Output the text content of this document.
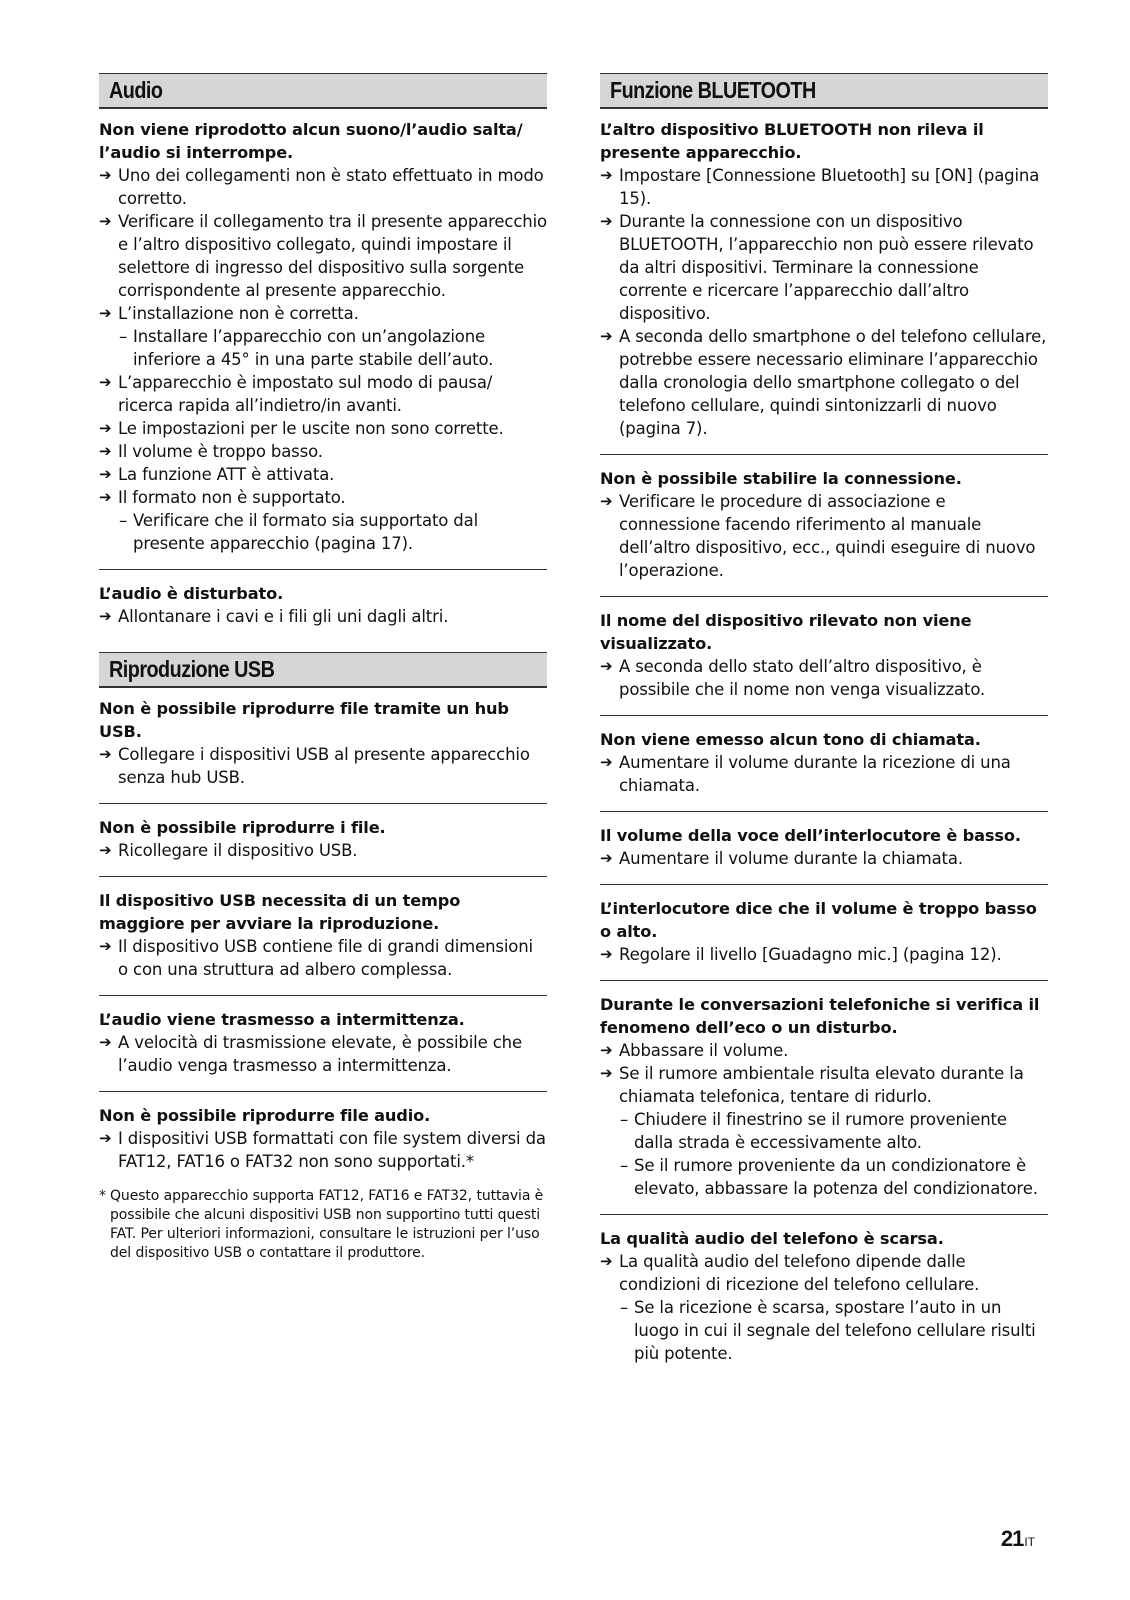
Audio
Non viene riprodotto alcun suono/l’audio salta/ l’audio si interrompe.
➔ Uno dei collegamenti non è stato effettuato in modo corretto.
➔ Verificare il collegamento tra il presente apparecchio e l’altro dispositivo collegato, quindi impostare il selettore di ingresso del dispositivo sulla sorgente corrispondente al presente apparecchio.
➔ L’installazione non è corretta.
– Installare l’apparecchio con un’angolazione inferiore a 45° in una parte stabile dell’auto.
➔ L’apparecchio è impostato sul modo di pausa/ ricerca rapida all’indietro/in avanti.
➔ Le impostazioni per le uscite non sono corrette.
➔ Il volume è troppo basso.
➔ La funzione ATT è attivata.
➔ Il formato non è supportato.
– Verificare che il formato sia supportato dal presente apparecchio (pagina 17).
L’audio è disturbato.
➔ Allontanare i cavi e i fili gli uni dagli altri.
Riproduzione USB
Non è possibile riprodurre file tramite un hub USB.
➔ Collegare i dispositivi USB al presente apparecchio senza hub USB.
Non è possibile riprodurre i file.
➔ Ricollegare il dispositivo USB.
Il dispositivo USB necessita di un tempo maggiore per avviare la riproduzione.
➔ Il dispositivo USB contiene file di grandi dimensioni o con una struttura ad albero complessa.
L’audio viene trasmesso a intermittenza.
➔ A velocità di trasmissione elevate, è possibile che l’audio venga trasmesso a intermittenza.
Non è possibile riprodurre file audio.
➔ I dispositivi USB formattati con file system diversi da FAT12, FAT16 o FAT32 non sono supportati.*
* Questo apparecchio supporta FAT12, FAT16 e FAT32, tuttavia è possibile che alcuni dispositivi USB non supportino tutti questi FAT. Per ulteriori informazioni, consultare le istruzioni per l’uso del dispositivo USB o contattare il produttore.
Funzione BLUETOOTH
L’altro dispositivo BLUETOOTH non rileva il presente apparecchio.
➔ Impostare [Connessione Bluetooth] su [ON] (pagina 15).
➔ Durante la connessione con un dispositivo BLUETOOTH, l’apparecchio non può essere rilevato da altri dispositivi. Terminare la connessione corrente e ricercare l’apparecchio dall’altro dispositivo.
➔ A seconda dello smartphone o del telefono cellulare, potrebbe essere necessario eliminare l’apparecchio dalla cronologia dello smartphone collegato o del telefono cellulare, quindi sintonizzarli di nuovo (pagina 7).
Non è possibile stabilire la connessione.
➔ Verificare le procedure di associazione e connessione facendo riferimento al manuale dell’altro dispositivo, ecc., quindi eseguire di nuovo l’operazione.
Il nome del dispositivo rilevato non viene visualizzato.
➔ A seconda dello stato dell’altro dispositivo, è possibile che il nome non venga visualizzato.
Non viene emesso alcun tono di chiamata.
➔ Aumentare il volume durante la ricezione di una chiamata.
Il volume della voce dell’interlocutore è basso.
➔ Aumentare il volume durante la chiamata.
L’interlocutore dice che il volume è troppo basso o alto.
➔ Regolare il livello [Guadagno mic.] (pagina 12).
Durante le conversazioni telefoniche si verifica il fenomeno dell’eco o un disturbo.
➔ Abbassare il volume.
➔ Se il rumore ambientale risulta elevato durante la chiamata telefonica, tentare di ridurlo.
– Chiudere il finestrino se il rumore proveniente dalla strada è eccessivamente alto.
– Se il rumore proveniente da un condizionatore è elevato, abbassare la potenza del condizionatore.
La qualità audio del telefono è scarsa.
➔ La qualità audio del telefono dipende dalle condizioni di ricezione del telefono cellulare.
– Se la ricezione è scarsa, spostare l’auto in un luogo in cui il segnale del telefono cellulare risulti più potente.
21IT
